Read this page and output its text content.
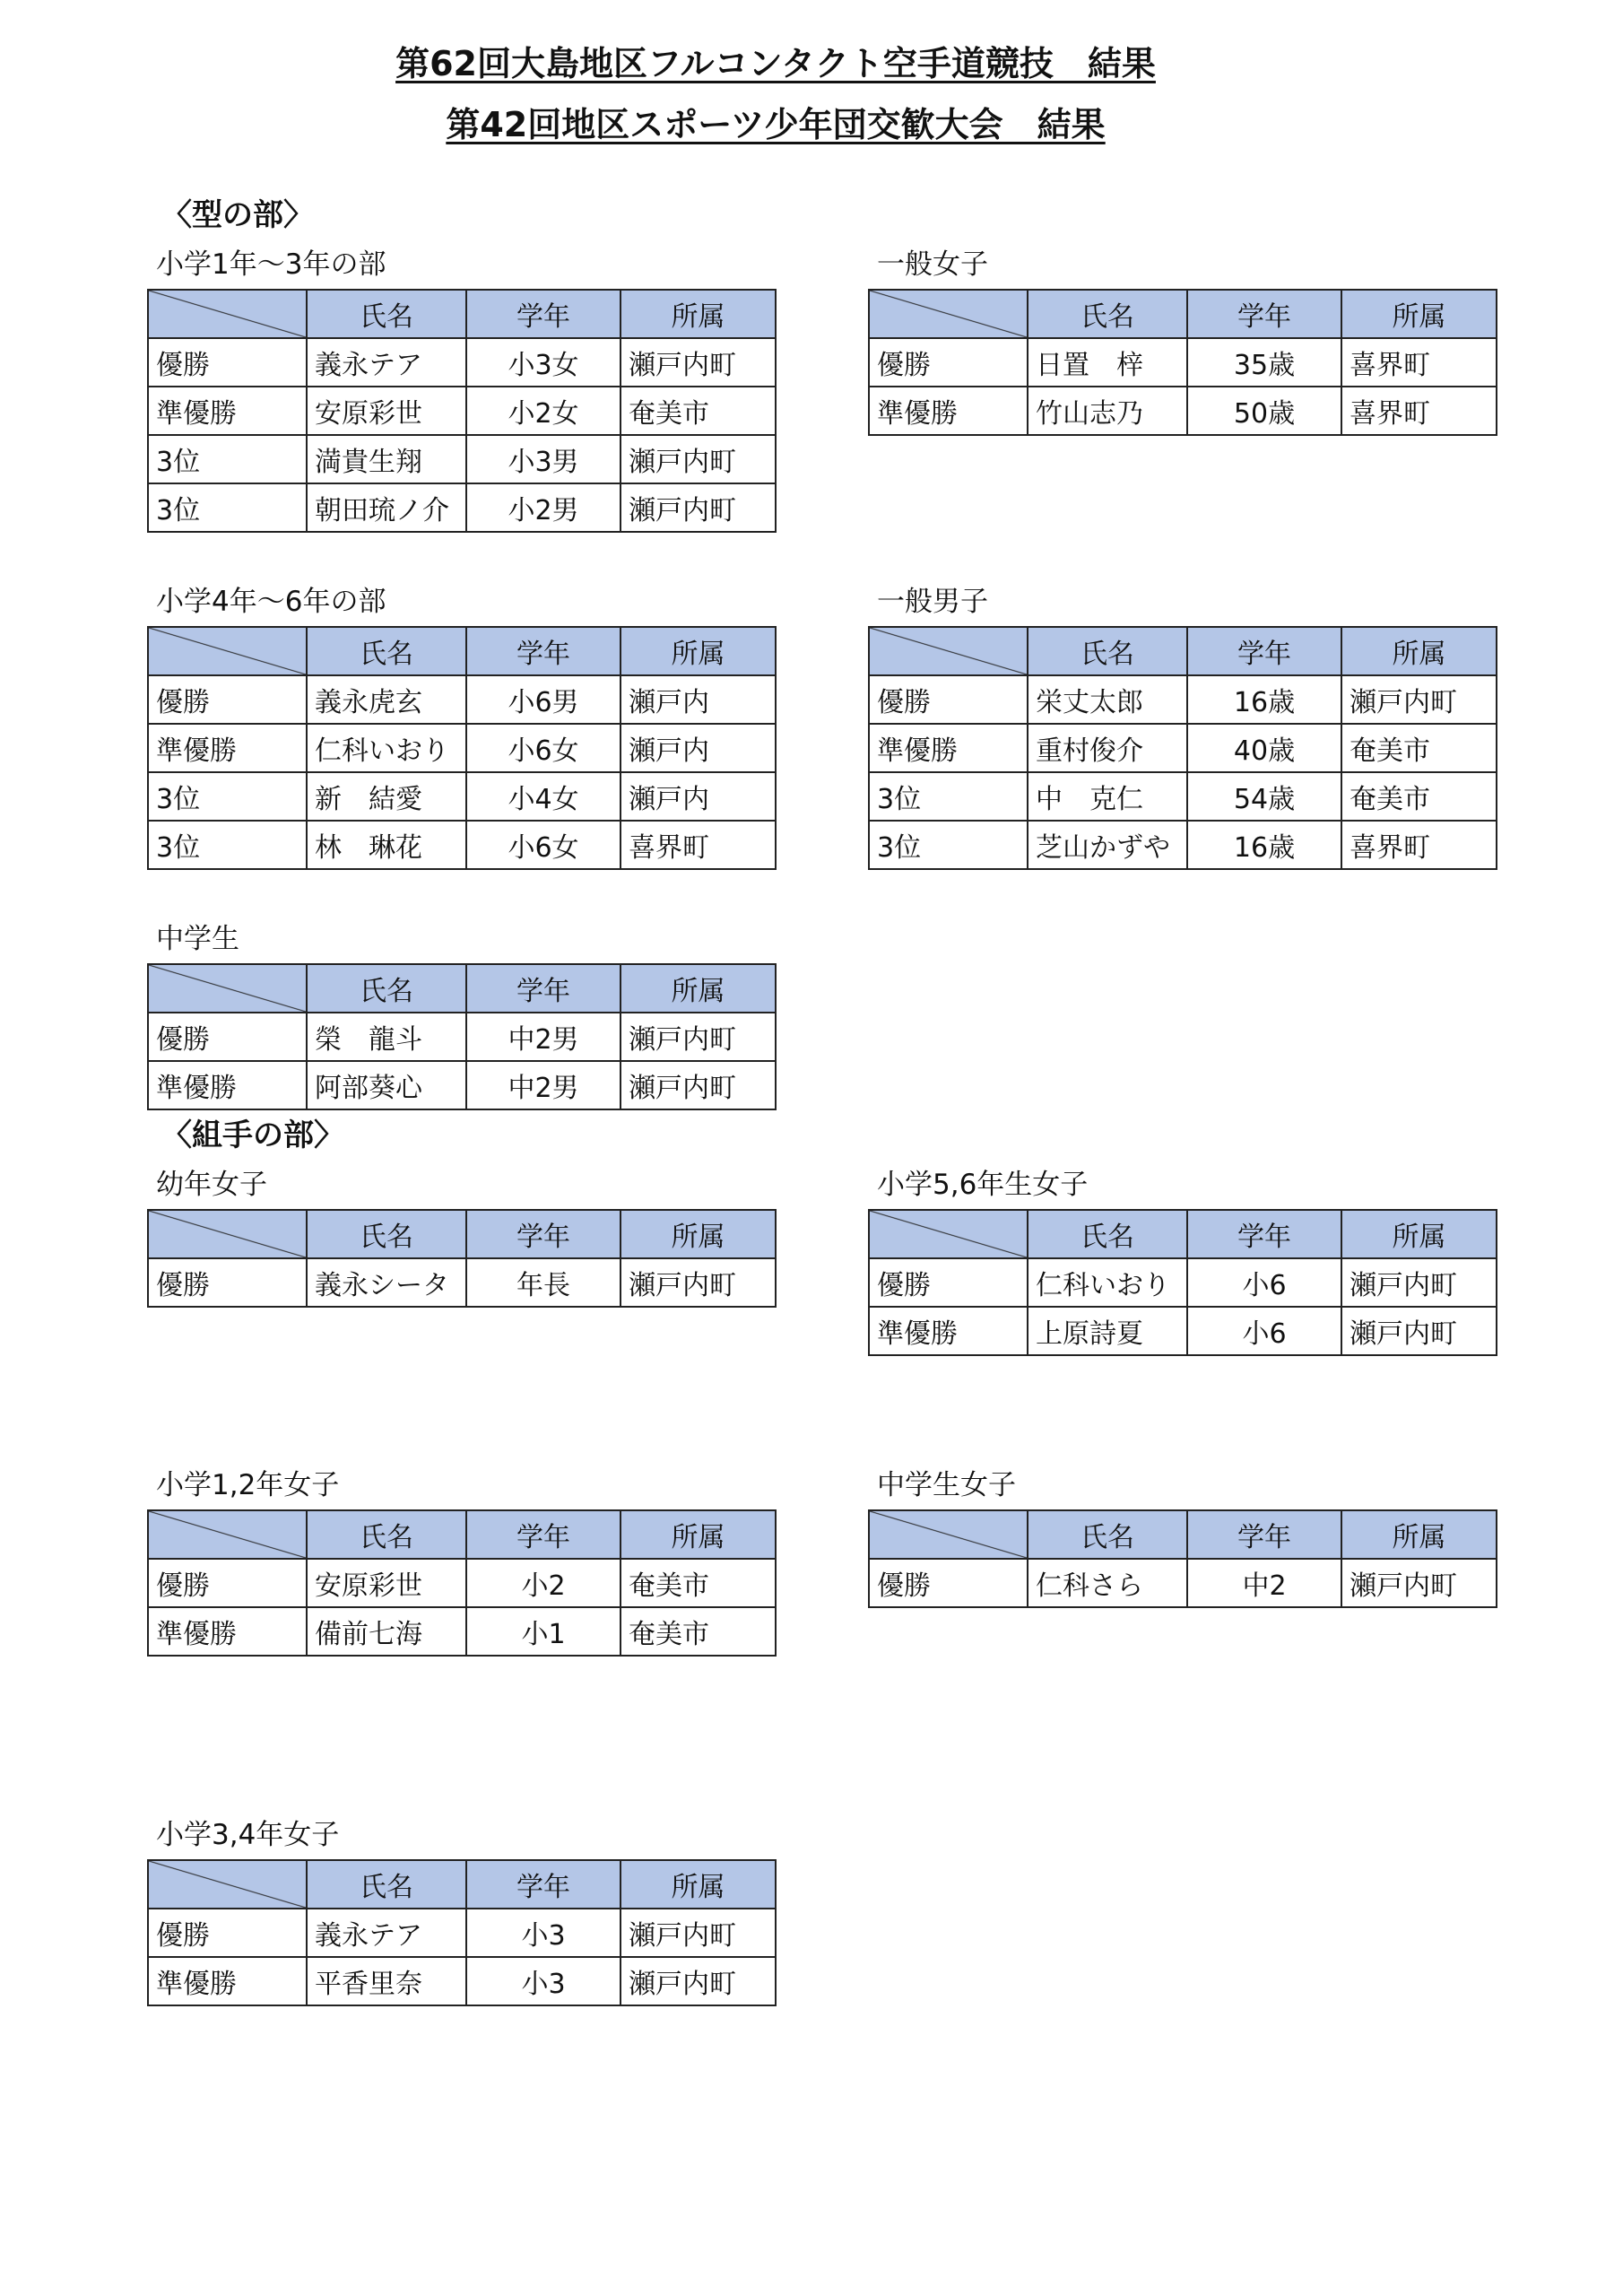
第62回大島地区フルコンタクト空手道競技　結果
第42回地区スポーツ少年団交歓大会　結果
〈型の部〉
〈組手の部〉
小学1年～3年の部
	氏名	学年	所属
優勝	義永テア	小3女	瀬戸内町
準優勝	安原彩世	小2女	奄美市
3位	満貴生翔	小3男	瀬戸内町
3位	朝田琉ノ介	小2男	瀬戸内町
一般女子
	氏名	学年	所属
優勝	日置　梓	35歳	喜界町
準優勝	竹山志乃	50歳	喜界町
小学4年～6年の部
	氏名	学年	所属
優勝	義永虎玄	小6男	瀬戸内
準優勝	仁科いおり	小6女	瀬戸内
3位	新　結愛	小4女	瀬戸内
3位	林　琳花	小6女	喜界町
一般男子
	氏名	学年	所属
優勝	栄丈太郎	16歳	瀬戸内町
準優勝	重村俊介	40歳	奄美市
3位	中　克仁	54歳	奄美市
3位	芝山かずや	16歳	喜界町
中学生
	氏名	学年	所属
優勝	榮　龍斗	中2男	瀬戸内町
準優勝	阿部葵心	中2男	瀬戸内町
幼年女子
	氏名	学年	所属
優勝	義永シータ	年長	瀬戸内町
小学5,6年生女子
	氏名	学年	所属
優勝	仁科いおり	小6	瀬戸内町
準優勝	上原詩夏	小6	瀬戸内町
小学1,2年女子
	氏名	学年	所属
優勝	安原彩世	小2	奄美市
準優勝	備前七海	小1	奄美市
中学生女子
	氏名	学年	所属
優勝	仁科さら	中2	瀬戸内町
小学3,4年女子
	氏名	学年	所属
優勝	義永テア	小3	瀬戸内町
準優勝	平香里奈	小3	瀬戸内町
